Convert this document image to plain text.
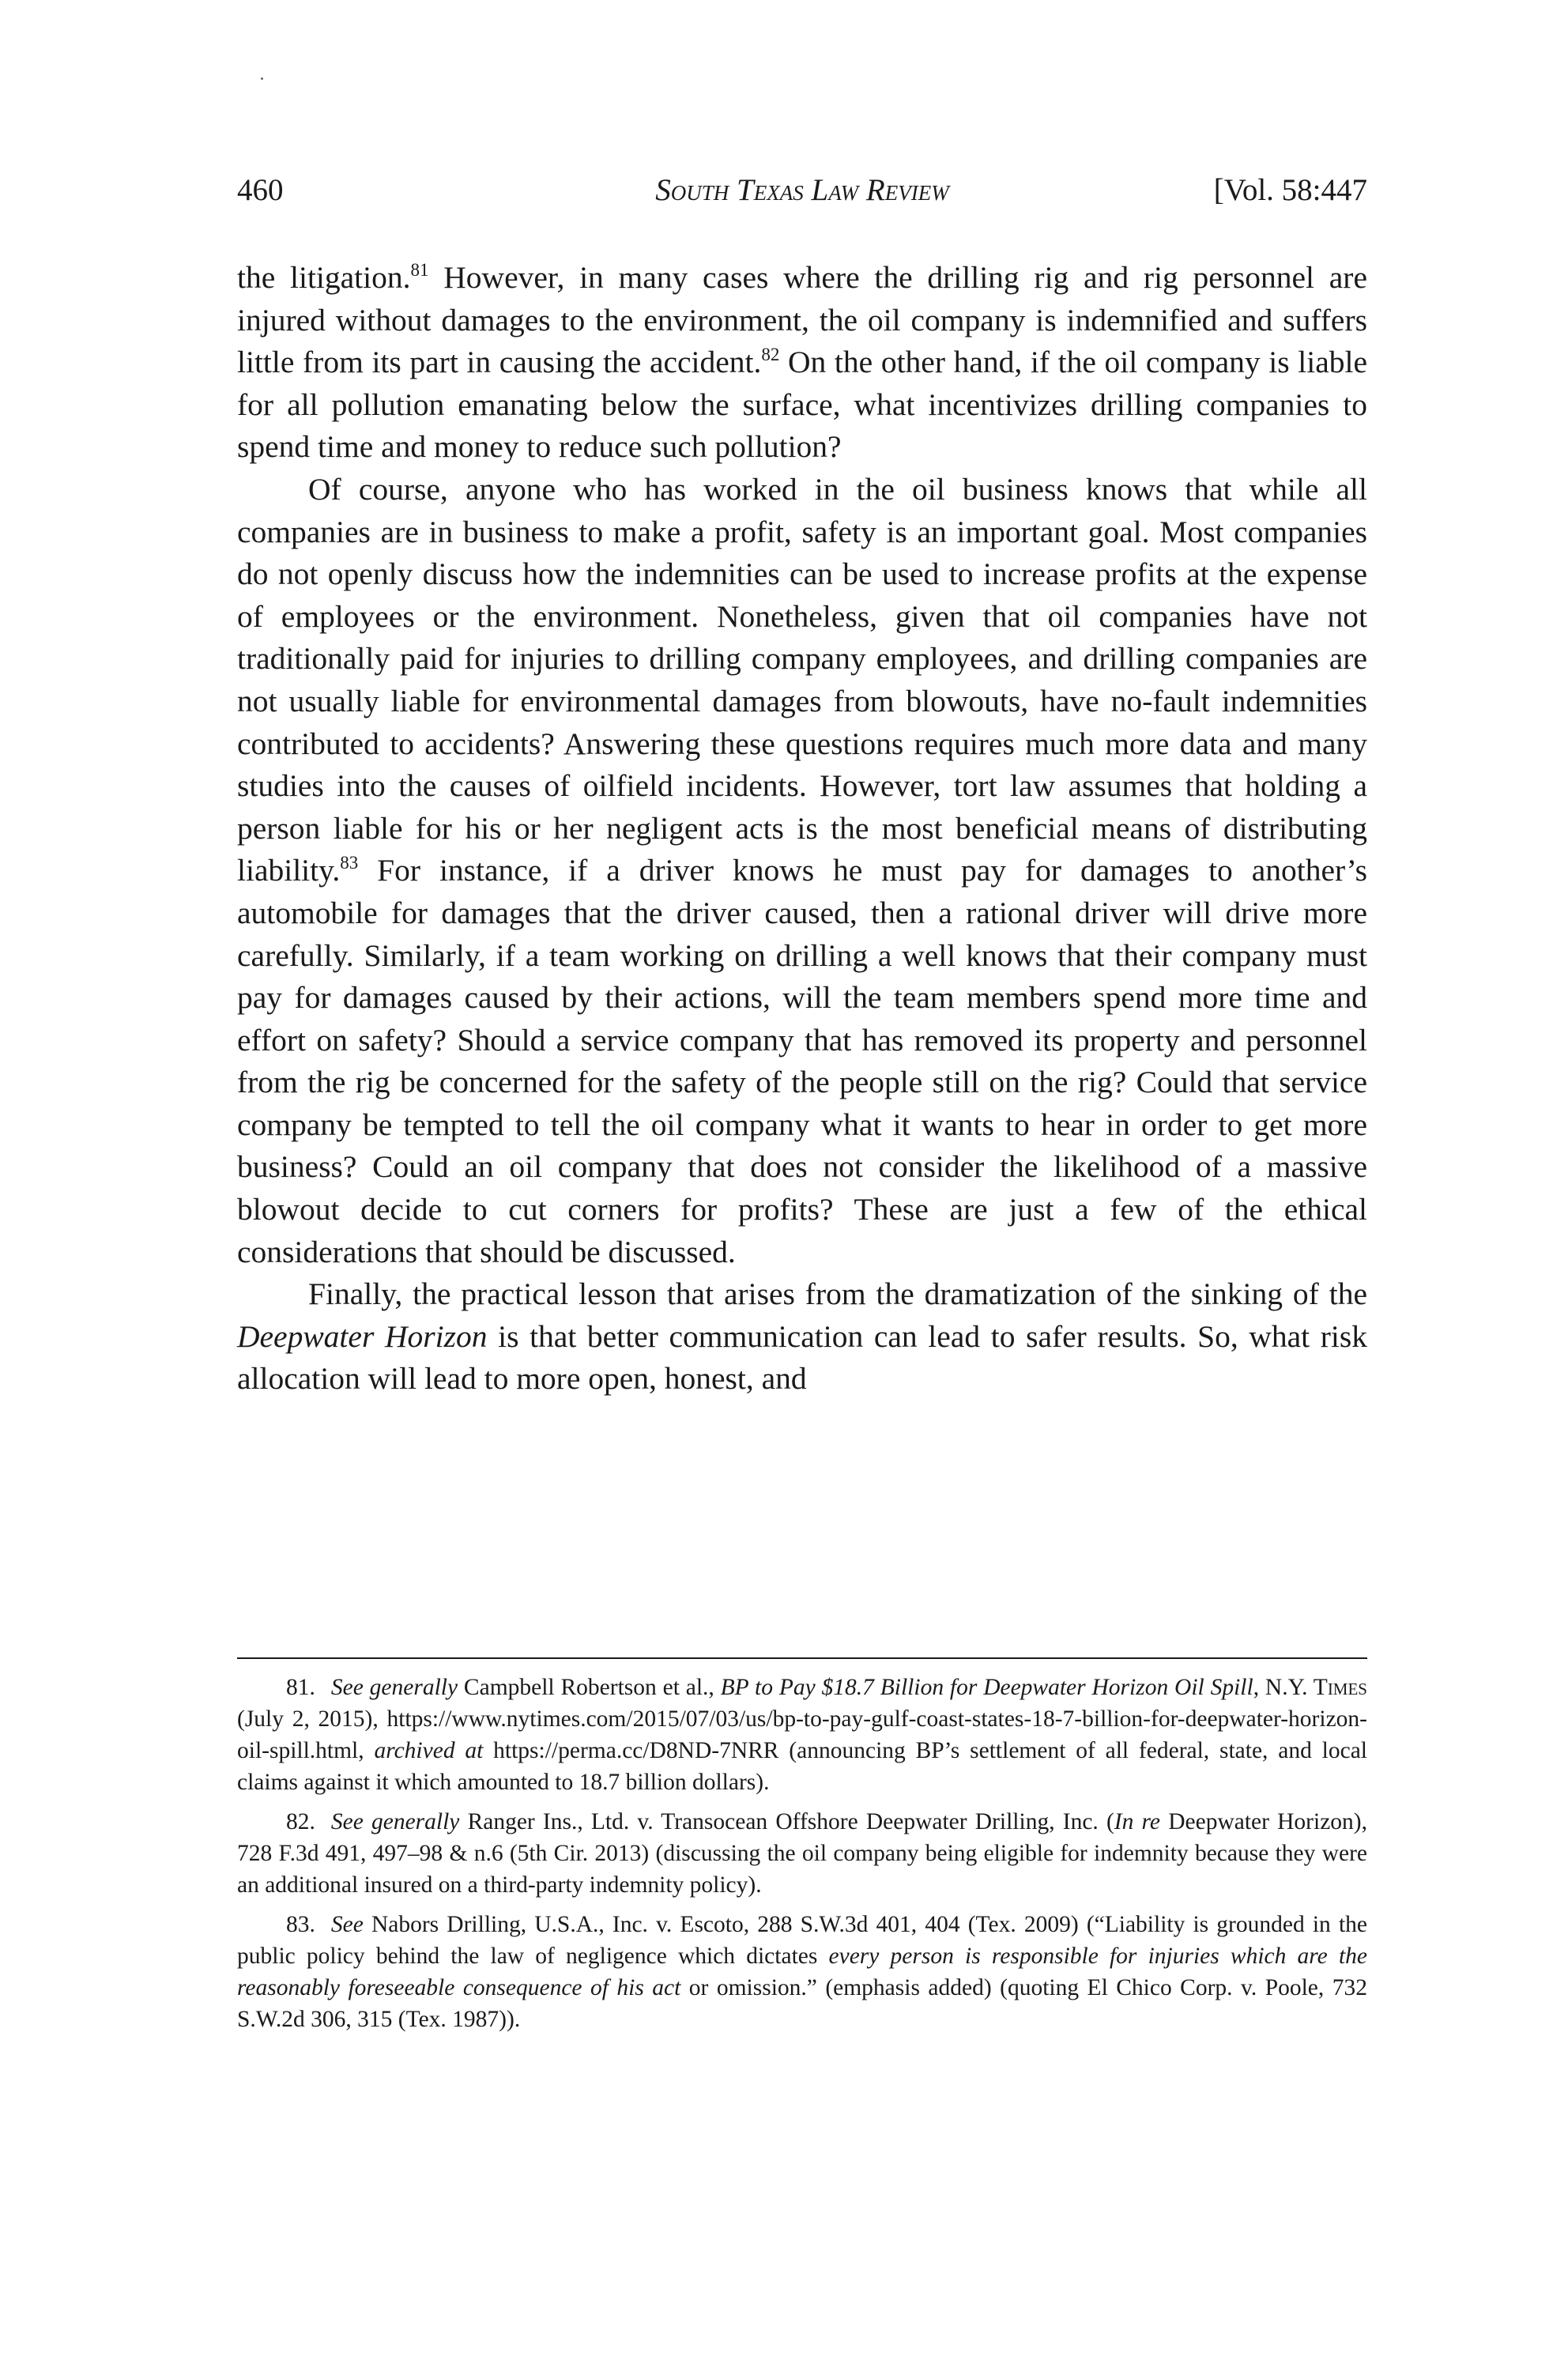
460	South Texas Law Review	[Vol. 58:447

the litigation.$^{81}$ However, in many cases where the drilling rig and rig personnel are injured without damages to the environment, the oil company is indemnified and suffers little from its part in causing the accident.$^{82}$ On the other hand, if the oil company is liable for all pollution emanating below the surface, what incentivizes drilling companies to spend time and money to reduce such pollution?

Of course, anyone who has worked in the oil business knows that while all companies are in business to make a profit, safety is an important goal. Most companies do not openly discuss how the indemnities can be used to increase profits at the expense of employees or the environment. Nonetheless, given that oil companies have not traditionally paid for injuries to drilling company employees, and drilling companies are not usually liable for environmental damages from blowouts, have no-fault indemnities contributed to accidents? Answering these questions requires much more data and many studies into the causes of oilfield incidents. However, tort law assumes that holding a person liable for his or her negligent acts is the most beneficial means of distributing liability.$^{83}$ For instance, if a driver knows he must pay for damages to another’s automobile for damages that the driver caused, then a rational driver will drive more carefully. Similarly, if a team working on drilling a well knows that their company must pay for damages caused by their actions, will the team members spend more time and effort on safety? Should a service company that has removed its property and personnel from the rig be concerned for the safety of the people still on the rig? Could that service company be tempted to tell the oil company what it wants to hear in order to get more business? Could an oil company that does not consider the likelihood of a massive blowout decide to cut corners for profits? These are just a few of the ethical considerations that should be discussed.

Finally, the practical lesson that arises from the dramatization of the sinking of the Deepwater Horizon is that better communication can lead to safer results. So, what risk allocation will lead to more open, honest, and

81. See generally Campbell Robertson et al., BP to Pay $18.7 Billion for Deepwater Horizon Oil Spill, N.Y. Times (July 2, 2015), https://www.nytimes.com/2015/07/03/us/bp-to-pay-gulf-coast-states-18-7-billion-for-deepwater-horizon-oil-spill.html, archived at https://perma.cc/D8ND-7NRR (announcing BP’s settlement of all federal, state, and local claims against it which amounted to 18.7 billion dollars).

82. See generally Ranger Ins., Ltd. v. Transocean Offshore Deepwater Drilling, Inc. (In re Deepwater Horizon), 728 F.3d 491, 497–98 & n.6 (5th Cir. 2013) (discussing the oil company being eligible for indemnity because they were an additional insured on a third-party indemnity policy).

83. See Nabors Drilling, U.S.A., Inc. v. Escoto, 288 S.W.3d 401, 404 (Tex. 2009) (“Liability is grounded in the public policy behind the law of negligence which dictates every person is responsible for injuries which are the reasonably foreseeable consequence of his act or omission.” (emphasis added) (quoting El Chico Corp. v. Poole, 732 S.W.2d 306, 315 (Tex. 1987)).
